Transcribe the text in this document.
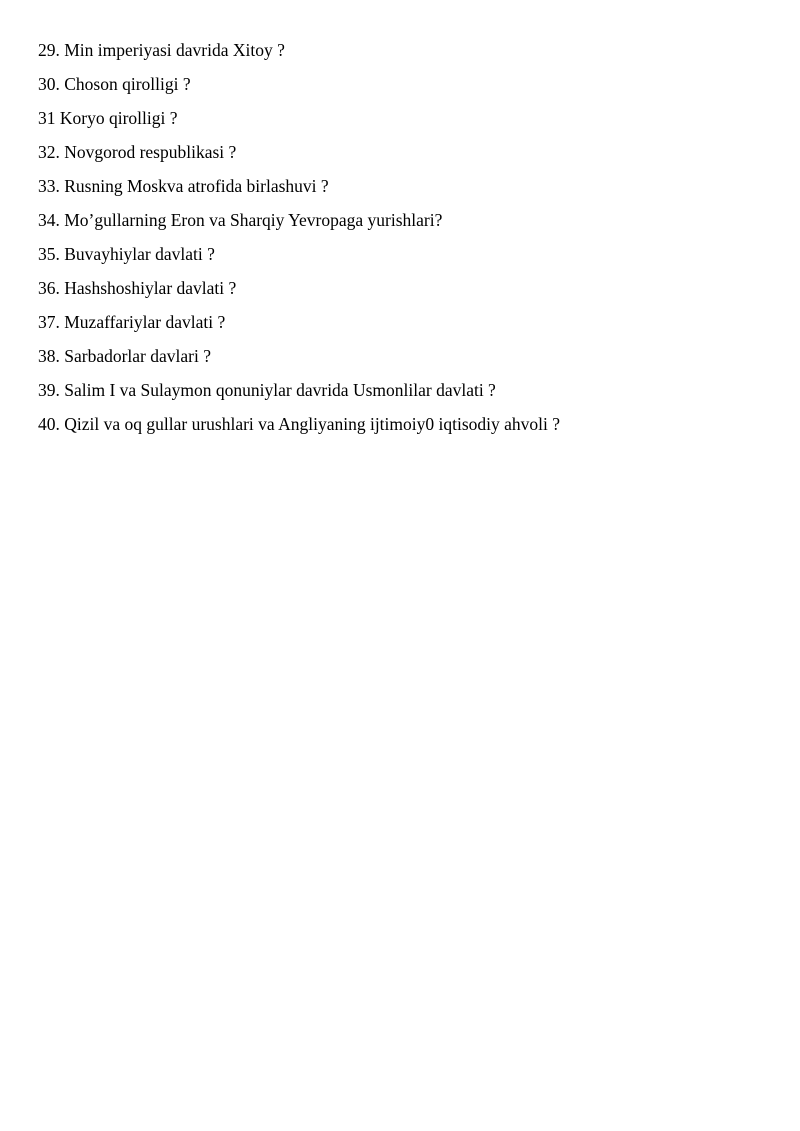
29. Min imperiyasi davrida Xitoy ?
30. Choson qirolligi ?
31 Koryo qirolligi ?
32. Novgorod respublikasi ?
33. Rusning Moskva atrofida birlashuvi ?
34. Mo’gullarning Eron va Sharqiy Yevropaga yurishlari?
35. Buvayhiylar davlati ?
36. Hashshoshiylar davlati ?
37. Muzaffariylar davlati ?
38. Sarbadorlar davlari ?
39. Salim I va Sulaymon qonuniylar davrida Usmonlilar davlati ?
40. Qizil va oq gullar urushlari va Angliyaning ijtimoiy0 iqtisodiy ahvoli ?
